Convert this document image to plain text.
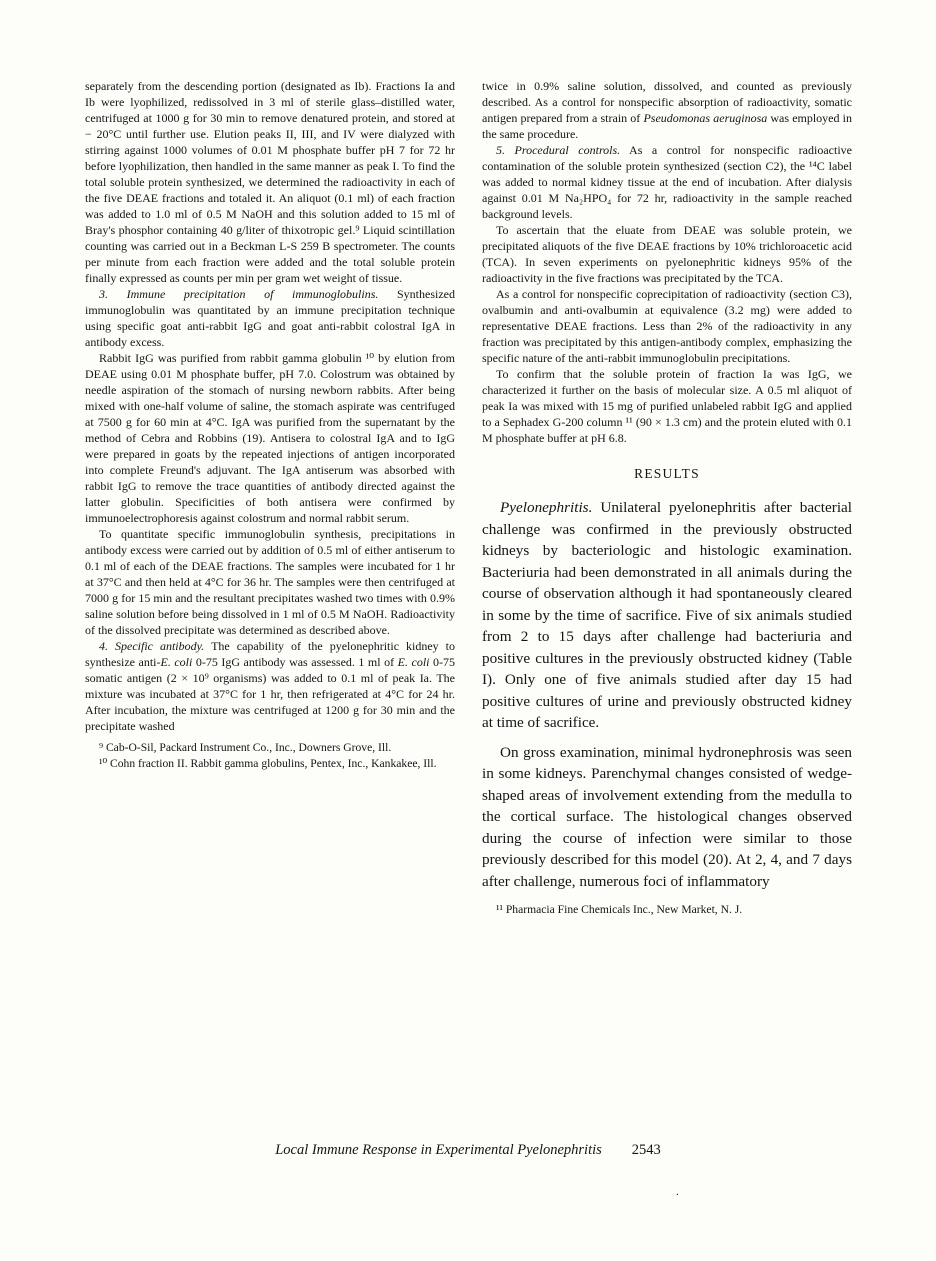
separately from the descending portion (designated as Ib). Fractions Ia and Ib were lyophilized, redissolved in 3 ml of sterile glass–distilled water, centrifuged at 1000 g for 30 min to remove denatured protein, and stored at − 20°C until further use. Elution peaks II, III, and IV were dialyzed with stirring against 1000 volumes of 0.01 M phosphate buffer pH 7 for 72 hr before lyophilization, then handled in the same manner as peak I. To find the total soluble protein synthesized, we determined the radioactivity in each of the five DEAE fractions and totaled it. An aliquot (0.1 ml) of each fraction was added to 1.0 ml of 0.5 M NaOH and this solution added to 15 ml of Bray's phosphor containing 40 g/liter of thixotropic gel.⁹ Liquid scintillation counting was carried out in a Beckman L-S 259 B spectrometer. The counts per minute from each fraction were added and the total soluble protein finally expressed as counts per min per gram wet weight of tissue.

3. Immune precipitation of immunoglobulins. Synthesized immunoglobulin was quantitated by an immune precipitation technique using specific goat anti-rabbit IgG and goat anti-rabbit colostral IgA in antibody excess.

Rabbit IgG was purified from rabbit gamma globulin ¹⁰ by elution from DEAE using 0.01 M phosphate buffer, pH 7.0. Colostrum was obtained by needle aspiration of the stomach of nursing newborn rabbits. After being mixed with one-half volume of saline, the stomach aspirate was centrifuged at 7500 g for 60 min at 4°C. IgA was purified from the supernatant by the method of Cebra and Robbins (19). Antisera to colostral IgA and to IgG were prepared in goats by the repeated injections of antigen incorporated into complete Freund's adjuvant. The IgA antiserum was absorbed with rabbit IgG to remove the trace quantities of antibody directed against the latter globulin. Specificities of both antisera were confirmed by immunoelectrophoresis against colostrum and normal rabbit serum.

To quantitate specific immunoglobulin synthesis, precipitations in antibody excess were carried out by addition of 0.5 ml of either antiserum to 0.1 ml of each of the DEAE fractions. The samples were incubated for 1 hr at 37°C and then held at 4°C for 36 hr. The samples were then centrifuged at 7000 g for 15 min and the resultant precipitates washed two times with 0.9% saline solution before being dissolved in 1 ml of 0.5 M NaOH. Radioactivity of the dissolved precipitate was determined as described above.

4. Specific antibody. The capability of the pyelonephritic kidney to synthesize anti-E. coli 0-75 IgG antibody was assessed. 1 ml of E. coli 0-75 somatic antigen (2 × 10⁹ organisms) was added to 0.1 ml of peak Ia. The mixture was incubated at 37°C for 1 hr, then refrigerated at 4°C for 24 hr. After incubation, the mixture was centrifuged at 1200 g for 30 min and the precipitate washed

⁹ Cab-O-Sil, Packard Instrument Co., Inc., Downers Grove, Ill.

¹⁰ Cohn fraction II. Rabbit gamma globulins, Pentex, Inc., Kankakee, Ill.

twice in 0.9% saline solution, dissolved, and counted as previously described. As a control for nonspecific absorption of radioactivity, somatic antigen prepared from a strain of Pseudomonas aeruginosa was employed in the same procedure.

5. Procedural controls. As a control for nonspecific radioactive contamination of the soluble protein synthesized (section C2), the ¹⁴C label was added to normal kidney tissue at the end of incubation. After dialysis against 0.01 M Na₂HPO₄ for 72 hr, radioactivity in the sample reached background levels.

To ascertain that the eluate from DEAE was soluble protein, we precipitated aliquots of the five DEAE fractions by 10% trichloroacetic acid (TCA). In seven experiments on pyelonephritic kidneys 95% of the radioactivity in the five fractions was precipitated by the TCA.

As a control for nonspecific coprecipitation of radioactivity (section C3), ovalbumin and anti-ovalbumin at equivalence (3.2 mg) were added to representative DEAE fractions. Less than 2% of the radioactivity in any fraction was precipitated by this antigen-antibody complex, emphasizing the specific nature of the anti-rabbit immunoglobulin precipitations.

To confirm that the soluble protein of fraction Ia was IgG, we characterized it further on the basis of molecular size. A 0.5 ml aliquot of peak Ia was mixed with 15 mg of purified unlabeled rabbit IgG and applied to a Sephadex G-200 column ¹¹ (90 × 1.3 cm) and the protein eluted with 0.1 M phosphate buffer at pH 6.8.

RESULTS

Pyelonephritis. Unilateral pyelonephritis after bacterial challenge was confirmed in the previously obstructed kidneys by bacteriologic and histologic examination. Bacteriuria had been demonstrated in all animals during the course of observation although it had spontaneously cleared in some by the time of sacrifice. Five of six animals studied from 2 to 15 days after challenge had bacteriuria and positive cultures in the previously obstructed kidney (Table I). Only one of five animals studied after day 15 had positive cultures of urine and previously obstructed kidney at time of sacrifice.

On gross examination, minimal hydronephrosis was seen in some kidneys. Parenchymal changes consisted of wedge-shaped areas of involvement extending from the medulla to the cortical surface. The histological changes observed during the course of infection were similar to those previously described for this model (20). At 2, 4, and 7 days after challenge, numerous foci of inflammatory

¹¹ Pharmacia Fine Chemicals Inc., New Market, N. J.

Local Immune Response in Experimental Pyelonephritis 2543
.
